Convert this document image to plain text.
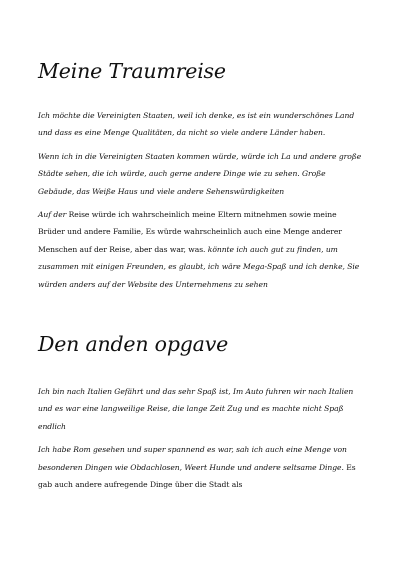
Meine Traumreise

Ich möchte die Vereinigten Staaten, weil ich denke, es ist ein wunderschönes Land und dass es eine Menge Qualitäten, da nicht so viele andere Länder haben.

Wenn ich in die Vereinigten Staaten kommen würde, würde ich La und andere große Städte sehen, die ich würde, auch gerne andere Dinge wie zu sehen. Große Gebäude, das Weiße Haus und viele andere Sehenswürdigkeiten

Auf der Reise würde ich wahrscheinlich meine Eltern mitnehmen sowie meine Brüder und andere Familie, Es würde wahrscheinlich auch eine Menge anderer Menschen auf der Reise, aber das war, was. könnte ich auch gut zu finden, um zusammen mit einigen Freunden, es glaubt, ich wäre Mega-Spaß und ich denke, Sie würden anders auf der Website des Unternehmens zu sehen

Den anden opgave

Ich bin nach Italien Gefährt und das sehr Spaß ist, Im Auto fuhren wir nach Italien und es war eine langweilige Reise, die lange Zeit Zug und es machte nicht Spaß endlich

Ich habe Rom gesehen und super spannend es war, sah ich auch eine Menge von besonderen Dingen wie Obdachlosen, Weert Hunde und andere seltsame Dinge. Es gab auch andere aufregende Dinge über die Stadt als
